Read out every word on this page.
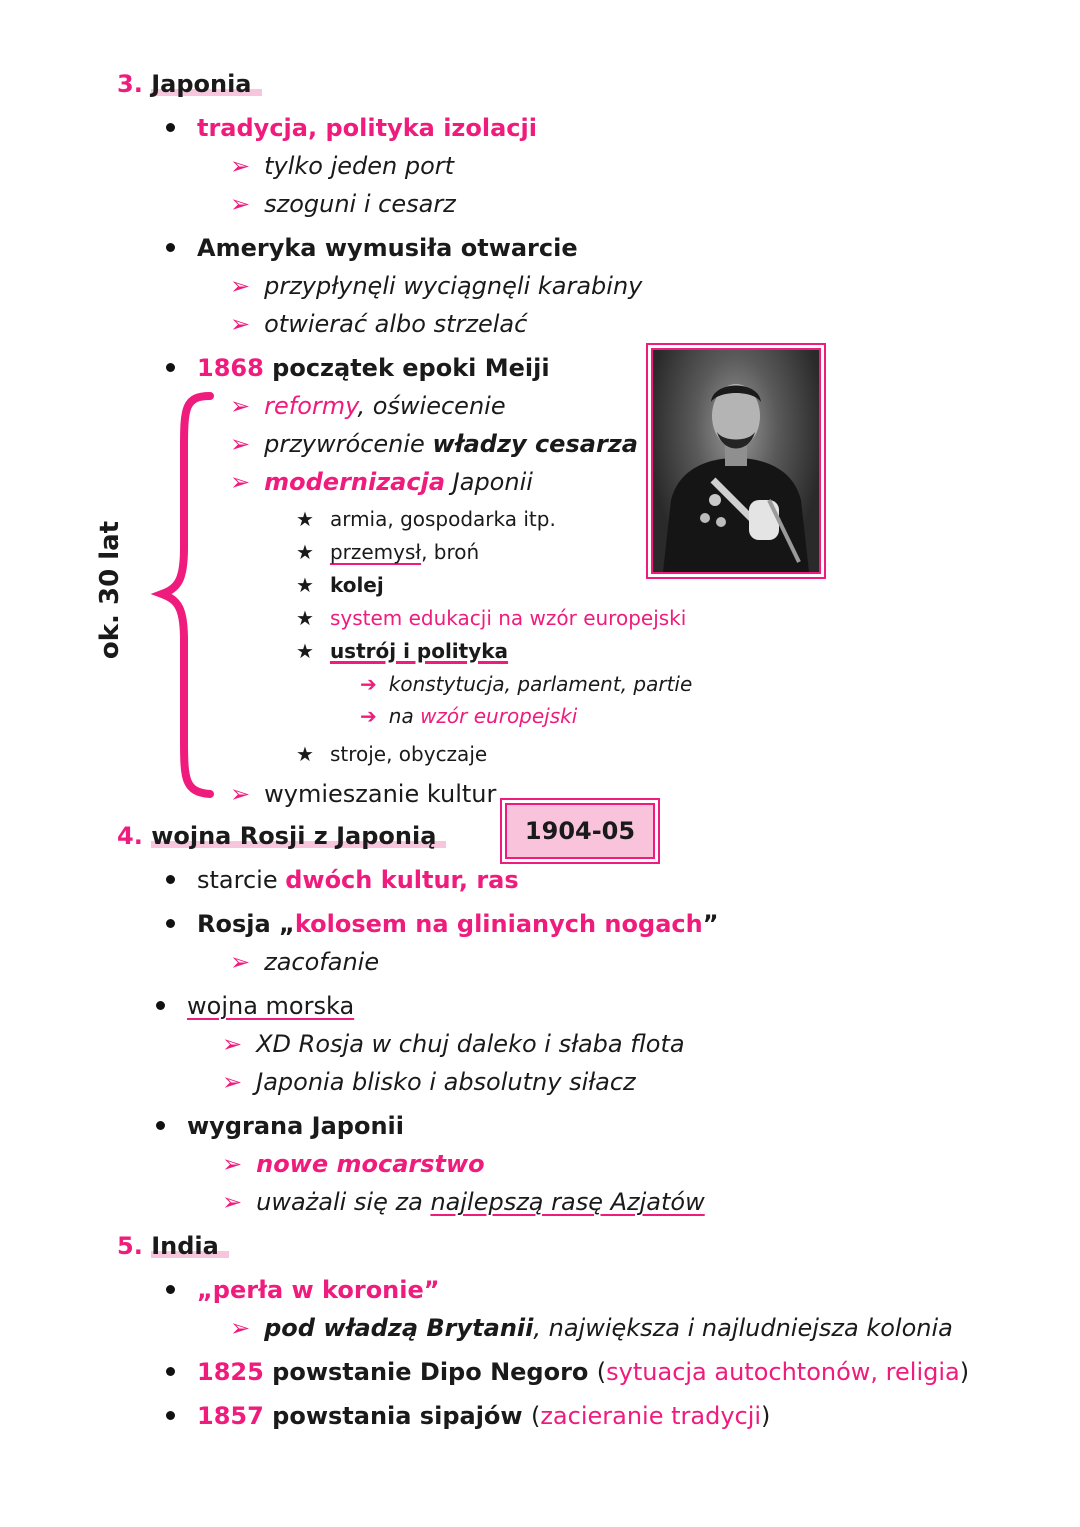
3. Japonia
tradycja, polityka izolacji
➢ tylko jeden port
➢ szoguni i cesarz
Ameryka wymusiła otwarcie
➢ przypłynęli wyciągnęli karabiny
➢ otwierać albo strzelać
1868 początek epoki Meiji
➢ reformy, oświecenie
➢ przywrócenie władzy cesarza
➢ modernizacja Japonii
★ armia, gospodarka itp.
★ przemysł, broń
★ kolej
★ system edukacji na wzór europejski
★ ustrój i polityka
➔ konstytucja, parlament, partie
➔ na wzór europejski
★ stroje, obyczaje
➢ wymieszanie kultur
ok. 30 lat
4. wojna Rosji z Japonią	1904-05
starcie dwóch kultur, ras
Rosja „kolosem na glinianych nogach”
➢ zacofanie
wojna morska
➢ XD Rosja w chuj daleko i słaba flota
➢ Japonia blisko i absolutny siłacz
wygrana Japonii
➢ nowe mocarstwo
➢ uważali się za najlepszą rasę Azjatów
5. India
„perła w koronie”
➢ pod władzą Brytanii, największa i najludniejsza kolonia
1825 powstanie Dipo Negoro (sytuacja autochtonów, religia)
1857 powstania sipajów (zacieranie tradycji)
